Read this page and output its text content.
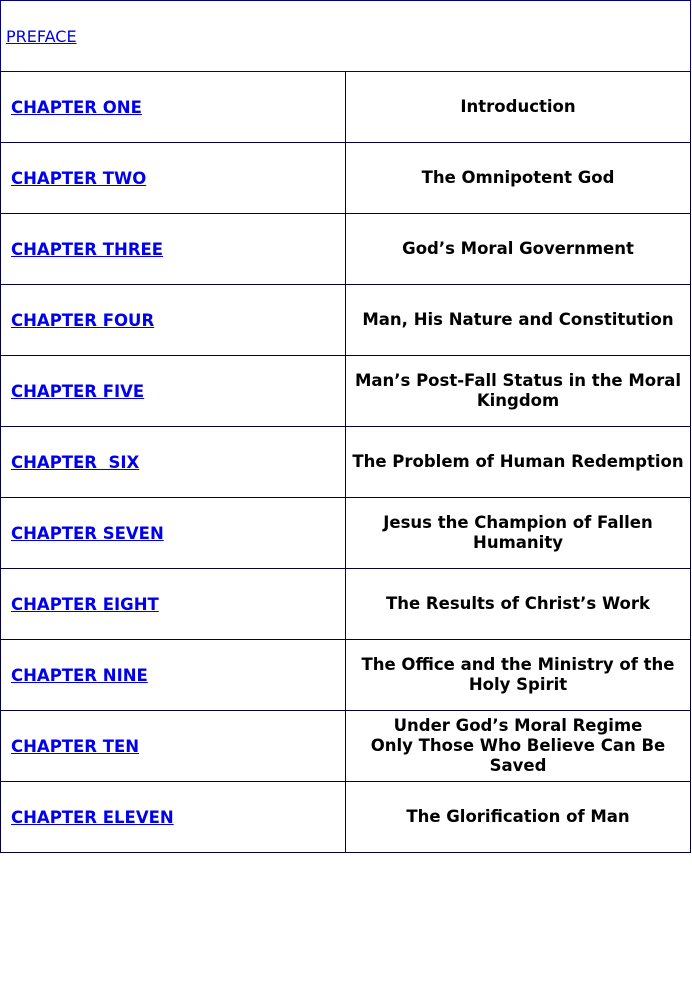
PREFACE	
CHAPTER ONE	Introduction

CHAPTER TWO	The Omnipotent God

CHAPTER THREE	God’s Moral Government

CHAPTER FOUR	Man, His Nature and Constitution

CHAPTER FIVE	Man’s Post-Fall Status in the Moral Kingdom

CHAPTER  SIX	The Problem of Human Redemption

CHAPTER SEVEN	Jesus the Champion of Fallen Humanity

CHAPTER EIGHT	The Results of Christ’s Work

CHAPTER NINE	The Office and the Ministry of the Holy Spirit

CHAPTER TEN	Under God’s Moral Regime
Only Those Who Believe Can Be Saved

CHAPTER ELEVEN	The Glorification of Man
